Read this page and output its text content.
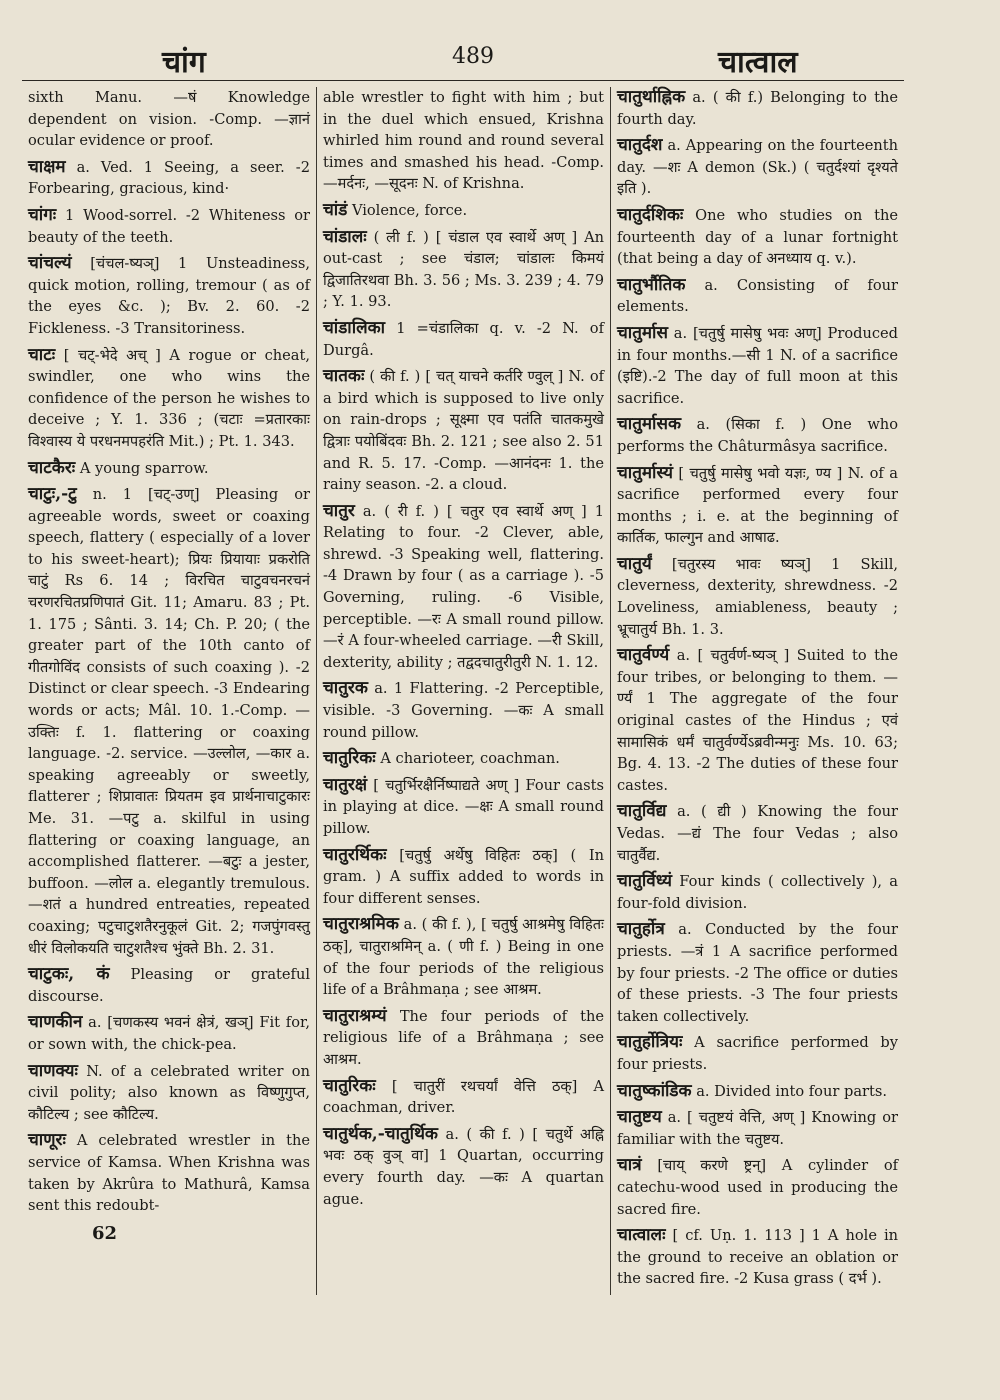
चांग	489	चात्वाल

sixth Manu. —षं Knowledge dependent on vision. -Comp. —ज्ञानं ocular evidence or proof.

चाक्षम a. Ved. 1 Seeing, a seer. -2 Forbearing, gracious, kind·

चांगः 1 Wood-sorrel. -2 Whiteness or beauty of the teeth.

चांचल्यं [चंचल-ष्यञ्] 1 Unsteadiness, quick motion, rolling, tremour ( as of the eyes &c. ); Bv. 2. 60. -2 Fickleness. -3 Transitoriness.

चाटः [ चट्-भेदे अच् ] A rogue or cheat, swindler, one who wins the confidence of the person he wishes to deceive ; Y. 1. 336 ; (चटाः =प्रतारकाः विश्वास्य ये परधनमपहरंति Mit.) ; Pt. 1. 343.

चाटकैरः A young sparrow.

चाटुः,-टु n. 1 [चट्-उण्] Pleasing or agreeable words, sweet or coaxing speech, flattery ( especially of a lover to his sweet-heart); प्रियः प्रियायाः प्रकरोति चाटुं Rs 6. 14 ; विरचित चाटुवचनरचनं चरणरचितप्रणिपातं Git. 11; Amaru. 83 ; Pt. 1. 175 ; Sânti. 3. 14; Ch. P. 20; ( the greater part of the 10th canto of गीतगोविंद consists of such coaxing ). -2 Distinct or clear speech. -3 Endearing words or acts; Mâl. 10. 1.-Comp. —उक्तिः f. 1. flattering or coaxing language. -2. service. —उल्लोल, —कार a. speaking agreeably or sweetly, flatterer ; शिप्रावातः प्रियतम इव प्रार्थनाचाटुकारः Me. 31. —पटु a. skilful in using flattering or coaxing language, an accomplished flatterer. —बटुः a jester, buffoon. —लोल a. elegantly tremulous. —शतं a hundred entreaties, repeated coaxing; पटुचाटुशतैरनुकूलं Git. 2; गजपुंगवस्तु धीरं विलोकयति चाटुशतैश्च भुंक्ते Bh. 2. 31.

चाटुकः, कं Pleasing or grateful discourse.

चाणकीन a. [चणकस्य भवनं क्षेत्रं, खञ्] Fit for, or sown with, the chick-pea.

चाणक्यः N. of a celebrated writer on civil polity; also known as विष्णुगुप्त, कौटिल्य ; see कौटिल्य.

चाणूरः A celebrated wrestler in the service of Kamsa. When Krishna was taken by Akrûra to Mathurâ, Kamsa sent this redoubt-

62

able wrestler to fight with him ; but in the duel which ensued, Krishna whirled him round and round several times and smashed his head. -Comp. —मर्दनः, —सूदनः N. of Krishna.

चांडं Violence, force.

चांडालः ( ली f. ) [ चंडाल एव स्वार्थे अण् ] An out-cast ; see चंडाल; चांडालः किमयं द्विजातिरथवा Bh. 3. 56 ; Ms. 3. 239 ; 4. 79 ; Y. 1. 93.

चांडालिका 1 =चंडालिका q. v. -2 N. of Durgâ.

चातकः ( की f. ) [ चत् याचने कर्तरि ण्वुल् ] N. of a bird which is supposed to live only on rain-drops ; सूक्ष्मा एव पतंति चातकमुखे द्वित्राः पयोबिंदवः Bh. 2. 121 ; see also 2. 51 and R. 5. 17. -Comp. —आनंदनः 1. the rainy season. -2. a cloud.

चातुर a. ( री f. ) [ चतुर एव स्वार्थे अण् ] 1 Relating to four. -2 Clever, able, shrewd. -3 Speaking well, flattering. -4 Drawn by four ( as a carriage ). -5 Governing, ruling. -6 Visible, perceptible. —रः A small round pillow. —रं A four-wheeled carriage. —री Skill, dexterity, ability ; तद्वदचातुरीतुरी N. 1. 12.

चातुरक a. 1 Flattering. -2 Perceptible, visible. -3 Governing. —कः A small round pillow.

चातुरिकः A charioteer, coachman.

चातुरक्षं [ चतुर्भिरक्षैर्निष्पाद्यते अण् ] Four casts in playing at dice. —क्षः A small round pillow.

चातुरर्थिकः [चतुर्षु अर्थेषु विहितः ठक्] ( In gram. ) A suffix added to words in four different senses.

चातुराश्रमिक a. ( की f. ), [ चतुर्षु आश्रमेषु विहितः ठक्], चातुराश्रमिन् a. ( णी f. ) Being in one of the four periods of the religious life of a Brâhmaṇa ; see आश्रम.

चातुराश्रम्यं The four periods of the religious life of a Brâhmaṇa ; see आश्रम.

चातुरिकः [ चातुरीं रथचर्यां वेत्ति ठक्] A coachman, driver.

चातुर्थक,-चातुर्थिक a. ( की f. ) [ चतुर्थे अह्नि भवः ठक् वुञ् वा] 1 Quartan, occurring every fourth day. —कः A quartan ague.

चातुर्थाह्निक a. ( की f.) Belonging to the fourth day.

चातुर्दश a. Appearing on the fourteenth day. —शः A demon (Sk.) ( चतुर्दश्यां दृश्यते इति ).

चातुर्दशिकः One who studies on the fourteenth day of a lunar fortnight (that being a day of अनध्याय q. v.).

चातुर्भौतिक a. Consisting of four elements.

चातुर्मास a. [चतुर्षु मासेषु भवः अण्] Produced in four months.—सी 1 N. of a sacrifice (इष्टि).-2 The day of full moon at this sacrifice.

चातुर्मासक a. (सिका f. ) One who performs the Châturmâsya sacrifice.

चातुर्मास्यं [ चतुर्षु मासेषु भवो यज्ञः, ण्य ] N. of a sacrifice performed every four months ; i. e. at the beginning of कार्तिक, फाल्गुन and आषाढ.

चातुर्यं [चतुरस्य भावः ष्यञ्] 1 Skill, cleverness, dexterity, shrewdness. -2 Loveliness, amiableness, beauty ; भ्रूचातुर्य Bh. 1. 3.

चातुर्वर्ण्य a. [ चतुर्वर्ण-ष्यञ् ] Suited to the four tribes, or belonging to them. —र्ण्यं 1 The aggregate of the four original castes of the Hindus ; एवं सामासिकं धर्मं चातुर्वर्ण्येऽब्रवीन्मनुः Ms. 10. 63; Bg. 4. 13. -2 The duties of these four castes.

चातुर्विद्य a. ( द्यी ) Knowing the four Vedas. —द्यं The four Vedas ; also चातुर्वैद्य.

चातुर्विध्यं Four kinds ( collectively ), a four-fold division.

चातुर्होत्र a. Conducted by the four priests. —त्रं 1 A sacrifice performed by four priests. -2 The office or duties of these priests. -3 The four priests taken collectively.

चातुर्होत्रियः A sacrifice performed by four priests.

चातुष्कांडिक a. Divided into four parts.

चातुष्टय a. [ चतुष्टयं वेत्ति, अण् ] Knowing or familiar with the चतुष्टय.

चात्रं [चाय् करणे ष्ट्रन्] A cylinder of catechu-wood used in producing the sacred fire.

चात्वालः [ cf. Uṇ. 1. 113 ] 1 A hole in the ground to receive an oblation or the sacred fire. -2 Kusa grass ( दर्भ ).
